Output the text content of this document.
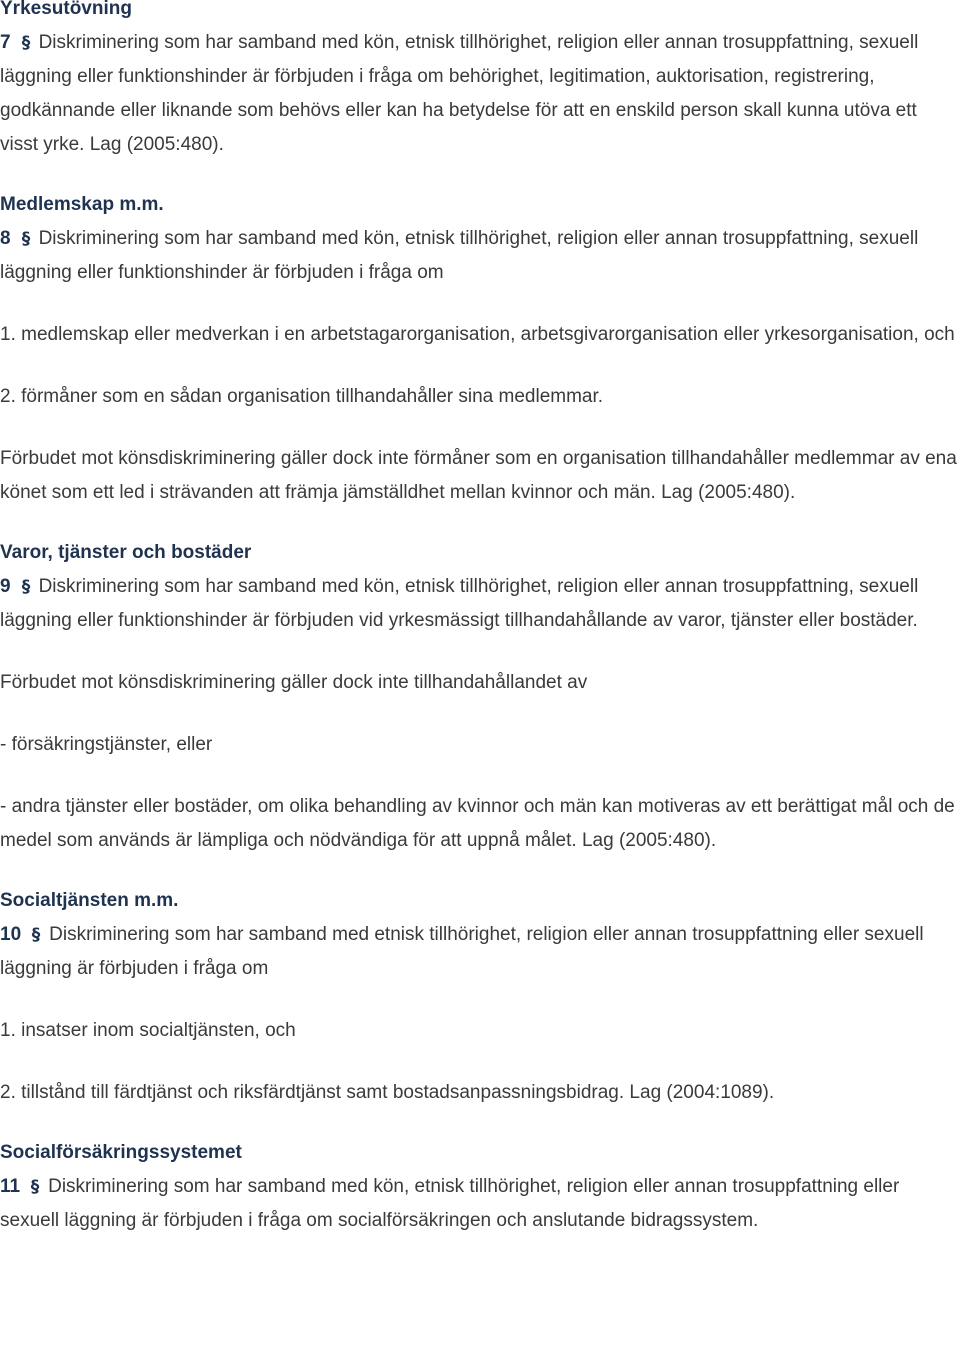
Yrkesutövning

7 § Diskriminering som har samband med kön, etnisk tillhörighet, religion eller annan trosuppfattning, sexuell läggning eller funktionshinder är förbjuden i fråga om behörighet, legitimation, auktorisation, registrering, godkännande eller liknande som behövs eller kan ha betydelse för att en enskild person skall kunna utöva ett visst yrke. Lag (2005:480).

Medlemskap m.m.

8 § Diskriminering som har samband med kön, etnisk tillhörighet, religion eller annan trosuppfattning, sexuell läggning eller funktionshinder är förbjuden i fråga om

1. medlemskap eller medverkan i en arbetstagarorganisation, arbetsgivarorganisation eller yrkesorganisation, och

2. förmåner som en sådan organisation tillhandahåller sina medlemmar.

Förbudet mot könsdiskriminering gäller dock inte förmåner som en organisation tillhandahåller medlemmar av ena könet som ett led i strävanden att främja jämställdhet mellan kvinnor och män. Lag (2005:480).

Varor, tjänster och bostäder

9 § Diskriminering som har samband med kön, etnisk tillhörighet, religion eller annan trosuppfattning, sexuell läggning eller funktionshinder är förbjuden vid yrkesmässigt tillhandahållande av varor, tjänster eller bostäder.

Förbudet mot könsdiskriminering gäller dock inte tillhandahållandet av

- försäkringstjänster, eller

- andra tjänster eller bostäder, om olika behandling av kvinnor och män kan motiveras av ett berättigat mål och de medel som används är lämpliga och nödvändiga för att uppnå målet. Lag (2005:480).

Socialtjänsten m.m.

10 § Diskriminering som har samband med etnisk tillhörighet, religion eller annan trosuppfattning eller sexuell läggning är förbjuden i fråga om

1. insatser inom socialtjänsten, och

2. tillstånd till färdtjänst och riksfärdtjänst samt bostadsanpassningsbidrag. Lag (2004:1089).

Socialförsäkringssystemet

11 § Diskriminering som har samband med kön, etnisk tillhörighet, religion eller annan trosuppfattning eller sexuell läggning är förbjuden i fråga om socialförsäkringen och anslutande bidragssystem.
